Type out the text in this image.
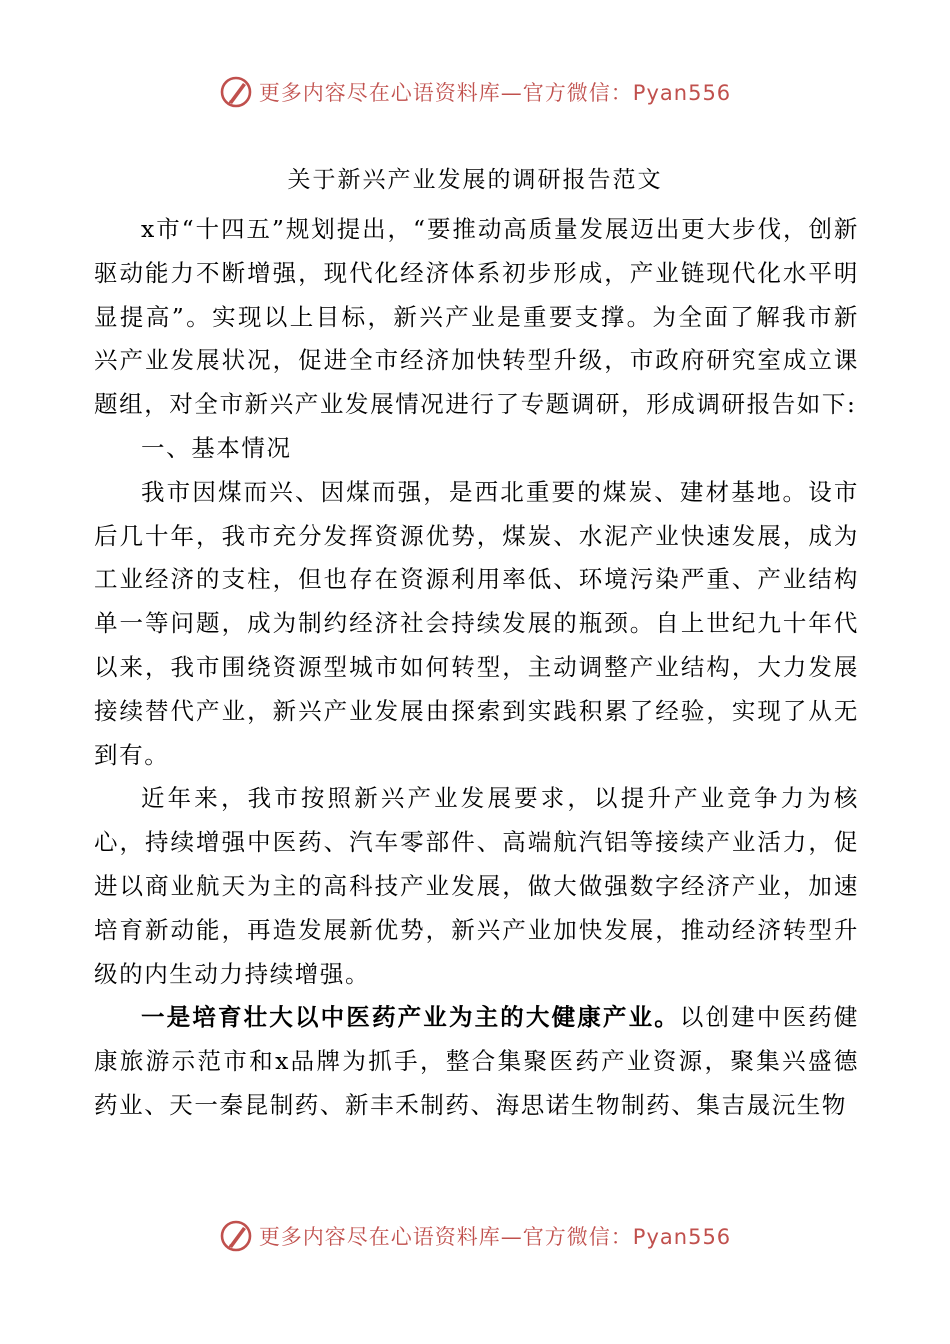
更多内容尽在心语资料库—官方微信：Pyan556
关于新兴产业发展的调研报告范文

x市“十四五”规划提出，“要推动高质量发展迈出更大步伐，创新驱动能力不断增强，现代化经济体系初步形成，产业链现代化水平明显提高”。实现以上目标，新兴产业是重要支撑。为全面了解我市新兴产业发展状况，促进全市经济加快转型升级，市政府研究室成立课题组，对全市新兴产业发展情况进行了专题调研，形成调研报告如下:

一、基本情况

我市因煤而兴、因煤而强，是西北重要的煤炭、建材基地。设市后几十年，我市充分发挥资源优势，煤炭、水泥产业快速发展，成为工业经济的支柱，但也存在资源利用率低、环境污染严重、产业结构单一等问题，成为制约经济社会持续发展的瓶颈。自上世纪九十年代以来，我市围绕资源型城市如何转型，主动调整产业结构，大力发展接续替代产业，新兴产业发展由探索到实践积累了经验，实现了从无到有。

近年来，我市按照新兴产业发展要求，以提升产业竞争力为核心，持续增强中医药、汽车零部件、高端航汽铝等接续产业活力，促进以商业航天为主的高科技产业发展，做大做强数字经济产业，加速培育新动能，再造发展新优势，新兴产业加快发展，推动经济转型升级的内生动力持续增强。

一是培育壮大以中医药产业为主的大健康产业。以创建中医药健康旅游示范市和x品牌为抓手，整合集聚医药产业资源，聚集兴盛德药业、天一秦昆制药、新丰禾制药、海思诺生物制药、集吉晟沅生物

更多内容尽在心语资料库—官方微信：Pyan556
